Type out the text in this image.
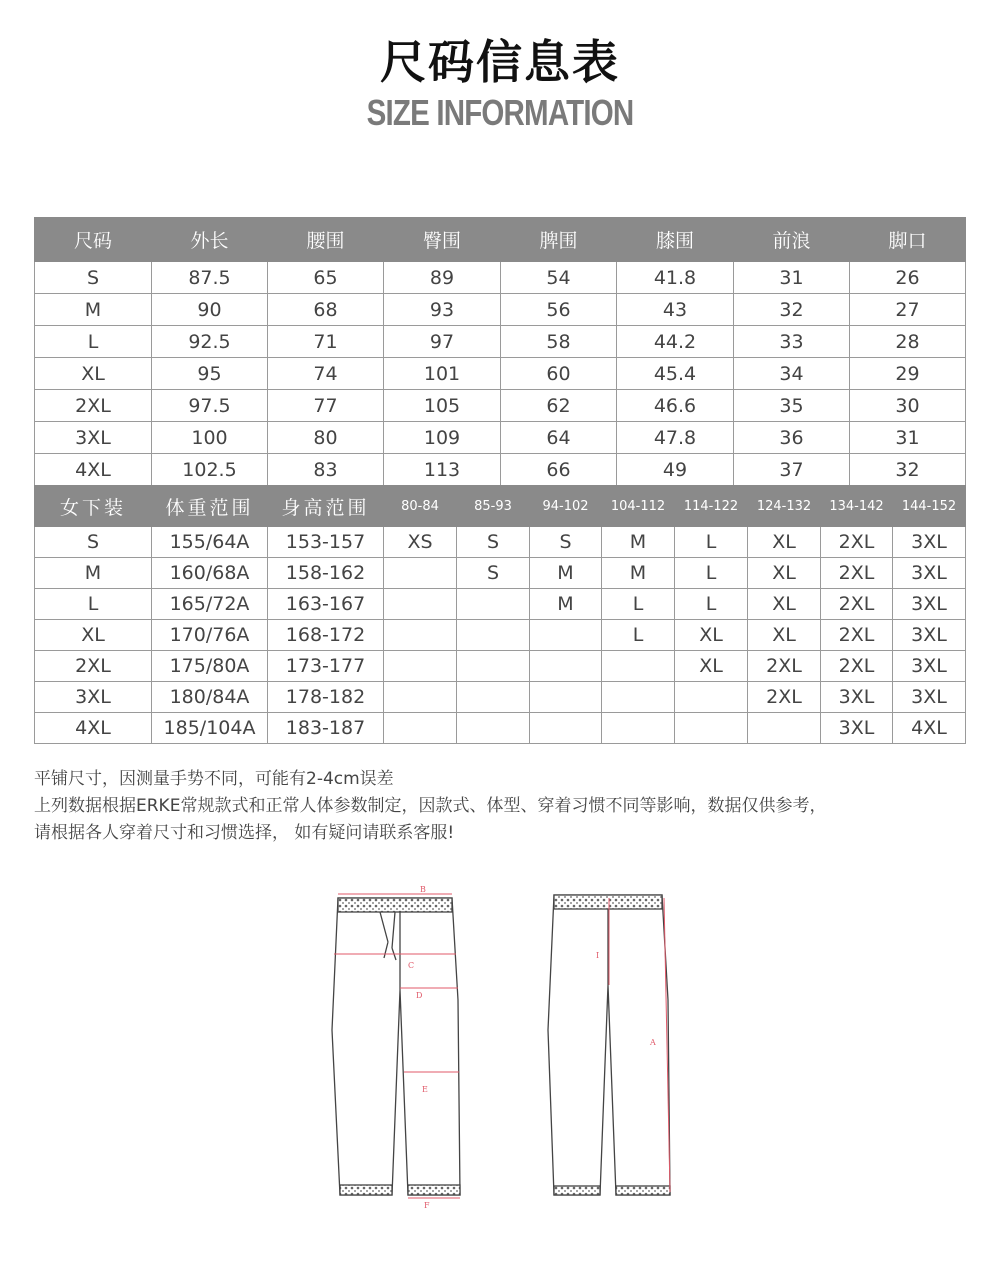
尺码信息表
SIZE INFORMATION
尺码	外长	腰围	臀围	脾围	膝围	前浪	脚口
S	87.5	65	89	54	41.8	31	26
M	90	68	93	56	43	32	27
L	92.5	71	97	58	44.2	33	28
XL	95	74	101	60	45.4	34	29
2XL	97.5	77	105	62	46.6	35	30
3XL	100	80	109	64	47.8	36	31
4XL	102.5	83	113	66	49	37	32
女下装	体重范围	身高范围	80-84	85-93	94-102	104-112	114-122	124-132	134-142	144-152
S	155/64A	153-157	XS	S	S	M	L	XL	2XL	3XL
M	160/68A	158-162		S	M	M	L	XL	2XL	3XL
L	165/72A	163-167			M	L	L	XL	2XL	3XL
XL	170/76A	168-172				L	XL	XL	2XL	3XL
2XL	175/80A	173-177					XL	2XL	2XL	3XL
3XL	180/84A	178-182						2XL	3XL	3XL
4XL	185/104A	183-187							3XL	4XL
平铺尺寸，因测量手势不同，可能有2-4cm误差
上列数据根据ERKE常规款式和正常人体参数制定，因款式、体型、穿着习惯不同等影响，数据仅供参考，
请根据各人穿着尺寸和习惯选择， 如有疑问请联系客服!
B
C
D
E
F
A
I
